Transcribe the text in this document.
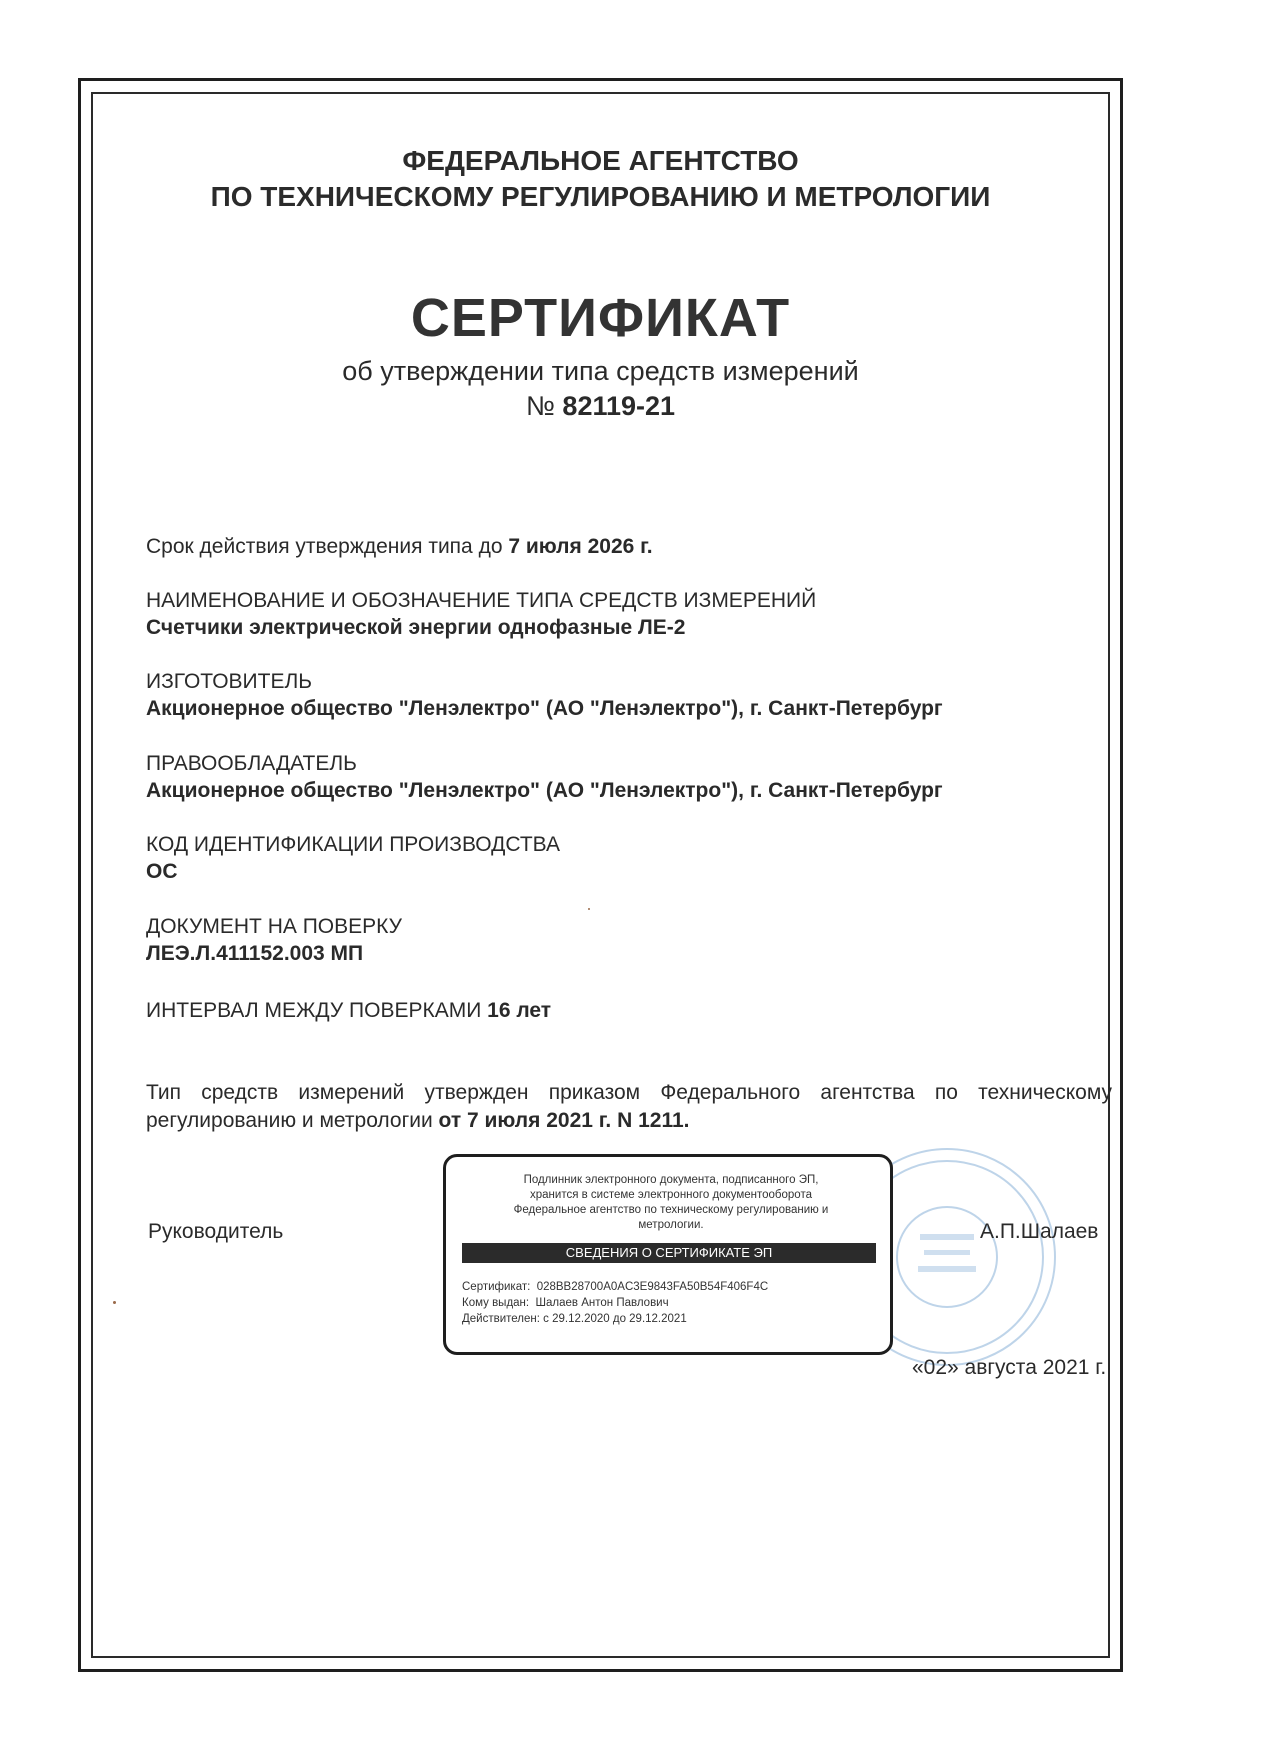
ФЕДЕРАЛЬНОЕ АГЕНТСТВО
ПО ТЕХНИЧЕСКОМУ РЕГУЛИРОВАНИЮ И МЕТРОЛОГИИ
СЕРТИФИКАТ
об утверждении типа средств измерений
№ 82119-21
Срок действия утверждения типа до 7 июля 2026 г.
НАИМЕНОВАНИЕ И ОБОЗНАЧЕНИЕ ТИПА СРЕДСТВ ИЗМЕРЕНИЙ
Счетчики электрической энергии однофазные ЛЕ-2
ИЗГОТОВИТЕЛЬ
Акционерное общество "Ленэлектро" (АО "Ленэлектро"), г. Санкт-Петербург
ПРАВООБЛАДАТЕЛЬ
Акционерное общество "Ленэлектро" (АО "Ленэлектро"), г. Санкт-Петербург
КОД ИДЕНТИФИКАЦИИ ПРОИЗВОДСТВА
ОС
ДОКУМЕНТ НА ПОВЕРКУ
ЛЕЭ.Л.411152.003 МП
ИНТЕРВАЛ МЕЖДУ ПОВЕРКАМИ 16 лет
Тип средств измерений утвержден приказом Федерального агентства по техническому
регулированию и метрологии от 7 июля 2021 г. N 1211.
Подлинник электронного документа, подписанного ЭП,
хранится в системе электронного документооборота
Федеральное агентство по техническому регулированию и
метрологии.
СВЕДЕНИЯ О СЕРТИФИКАТЕ ЭП
Сертификат:  028BB28700A0AC3E9843FA50B54F406F4C
Кому выдан:  Шалаев Антон Павлович
Действителен: с 29.12.2020 до 29.12.2021
Руководитель	А.П.Шалаев
«02» августа 2021 г.
